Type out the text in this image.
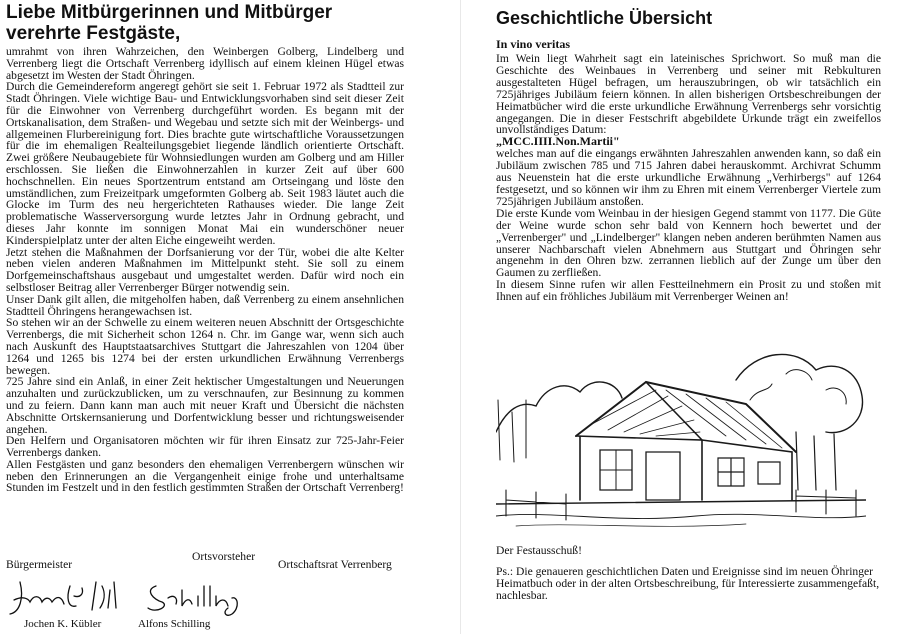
Liebe Mitbürgerinnen und Mitbürger
verehrte Festgäste,

umrahmt von ihren Wahrzeichen, den Weinbergen Golberg, Lindelberg und Verrenberg liegt die Ortschaft Verrenberg idyllisch auf einem kleinen Hügel etwas abgesetzt im Westen der Stadt Öhringen.

Durch die Gemeindereform angeregt gehört sie seit 1. Februar 1972 als Stadtteil zur Stadt Öhringen. Viele wichtige Bau- und Entwicklungsvorhaben sind seit dieser Zeit für die Einwohner von Verrenberg durchgeführt worden. Es begann mit der Ortskanalisation, dem Straßen- und Wegebau und setzte sich mit der Weinbergs- und allgemeinen Flurbereinigung fort. Dies brachte gute wirtschaftliche Voraussetzungen für die im ehemaligen Realteilungsgebiet liegende ländlich orientierte Ortschaft. Zwei größere Neubaugebiete für Wohnsiedlungen wurden am Golberg und am Hiller erschlossen. Sie ließen die Einwohnerzahlen in kurzer Zeit auf über 600 hochschnellen. Ein neues Sportzentrum entstand am Ortseingang und löste den umständlichen, zum Freizeitpark umgeformten Golberg ab. Seit 1983 läutet auch die Glocke im Turm des neu hergerichteten Rathauses wieder. Die lange Zeit problematische Wasserversorgung wurde letztes Jahr in Ordnung gebracht, und dieses Jahr konnte im sonnigen Monat Mai ein wunderschöner neuer Kinderspielplatz unter der alten Eiche eingeweiht werden.

Jetzt stehen die Maßnahmen der Dorfsanierung vor der Tür, wobei die alte Kelter neben vielen anderen Maßnahmen im Mittelpunkt steht. Sie soll zu einem Dorfgemeinschaftshaus ausgebaut und umgestaltet werden. Dafür wird noch ein selbstloser Beitrag aller Verrenberger Bürger notwendig sein.

Unser Dank gilt allen, die mitgeholfen haben, daß Verrenberg zu einem ansehnlichen Stadtteil Öhringens herangewachsen ist.

So stehen wir an der Schwelle zu einem weiteren neuen Abschnitt der Ortsgeschichte Verrenbergs, die mit Sicherheit schon 1264 n. Chr. im Gange war, wenn sich auch nach Auskunft des Hauptstaatsarchives Stuttgart die Jahreszahlen von 1204 über 1264 und 1265 bis 1274 bei der ersten urkundlichen Erwähnung Verrenbergs bewegen.

725 Jahre sind ein Anlaß, in einer Zeit hektischer Umgestaltungen und Neuerungen anzuhalten und zurückzublicken, um zu verschnaufen, zur Besinnung zu kommen und zu feiern. Dann kann man auch mit neuer Kraft und Übersicht die nächsten Abschnitte Ortskernsanierung und Dorfentwicklung besser und richtungsweisender angehen.

Den Helfern und Organisatoren möchten wir für ihren Einsatz zur 725-Jahr-Feier Verrenbergs danken.

Allen Festgästen und ganz besonders den ehemaligen Verrenbergern wünschen wir neben den Erinnerungen an die Vergangenheit einige frohe und unterhaltsame Stunden im Festzelt und in den festlich gestimmten Straßen der Ortschaft Verrenberg!

Bürgermeister
Ortsvorsteher
Ortschaftsrat Verrenberg
Jochen K. Kübler	Alfons Schilling
Geschichtliche Übersicht
In vino veritas

Im Wein liegt Wahrheit sagt ein lateinisches Sprichwort. So muß man die Geschichte des Weinbaues in Verrenberg und seiner mit Rebkulturen ausgestalteten Hügel befragen, um herauszubringen, ob wir tatsächlich ein 725jähriges Jubiläum feiern können. In allen bisherigen Ortsbeschreibungen der Heimatbücher wird die erste urkundliche Erwähnung Verrenbergs sehr vorsichtig angegangen. Die in dieser Festschrift abgebildete Urkunde trägt ein zweifellos unvollständiges Datum:

„MCC.IIII.Non.Martii"

welches man auf die eingangs erwähnten Jahreszahlen anwenden kann, so daß ein Jubiläum zwischen 785 und 715 Jahren dabei herauskommt. Archivrat Schumm aus Neuenstein hat die erste urkundliche Erwähnung „Verhirbergs" auf 1264 festgesetzt, und so können wir ihm zu Ehren mit einem Verrenberger Viertele zum 725jährigen Jubiläum anstoßen.

Die erste Kunde vom Weinbau in der hiesigen Gegend stammt von 1177. Die Güte der Weine wurde schon sehr bald von Kennern hoch bewertet und der „Verrenberger" und „Lindelberger" klangen neben anderen berühmten Namen aus unserer Nachbarschaft vielen Abnehmern aus Stuttgart und Öhringen sehr angenehm in den Ohren bzw. zerrannen lieblich auf der Zunge um über den Gaumen zu zerfließen.

In diesem Sinne rufen wir allen Festteilnehmern ein Prosit zu und stoßen mit Ihnen auf ein fröhliches Jubiläum mit Verrenberger Weinen an!

Der Festausschuß!

Ps.: Die genaueren geschichtlichen Daten und Ereignisse sind im neuen Öhringer Heimatbuch oder in der alten Ortsbeschreibung, für Interessierte zusammengefaßt, nachlesbar.
